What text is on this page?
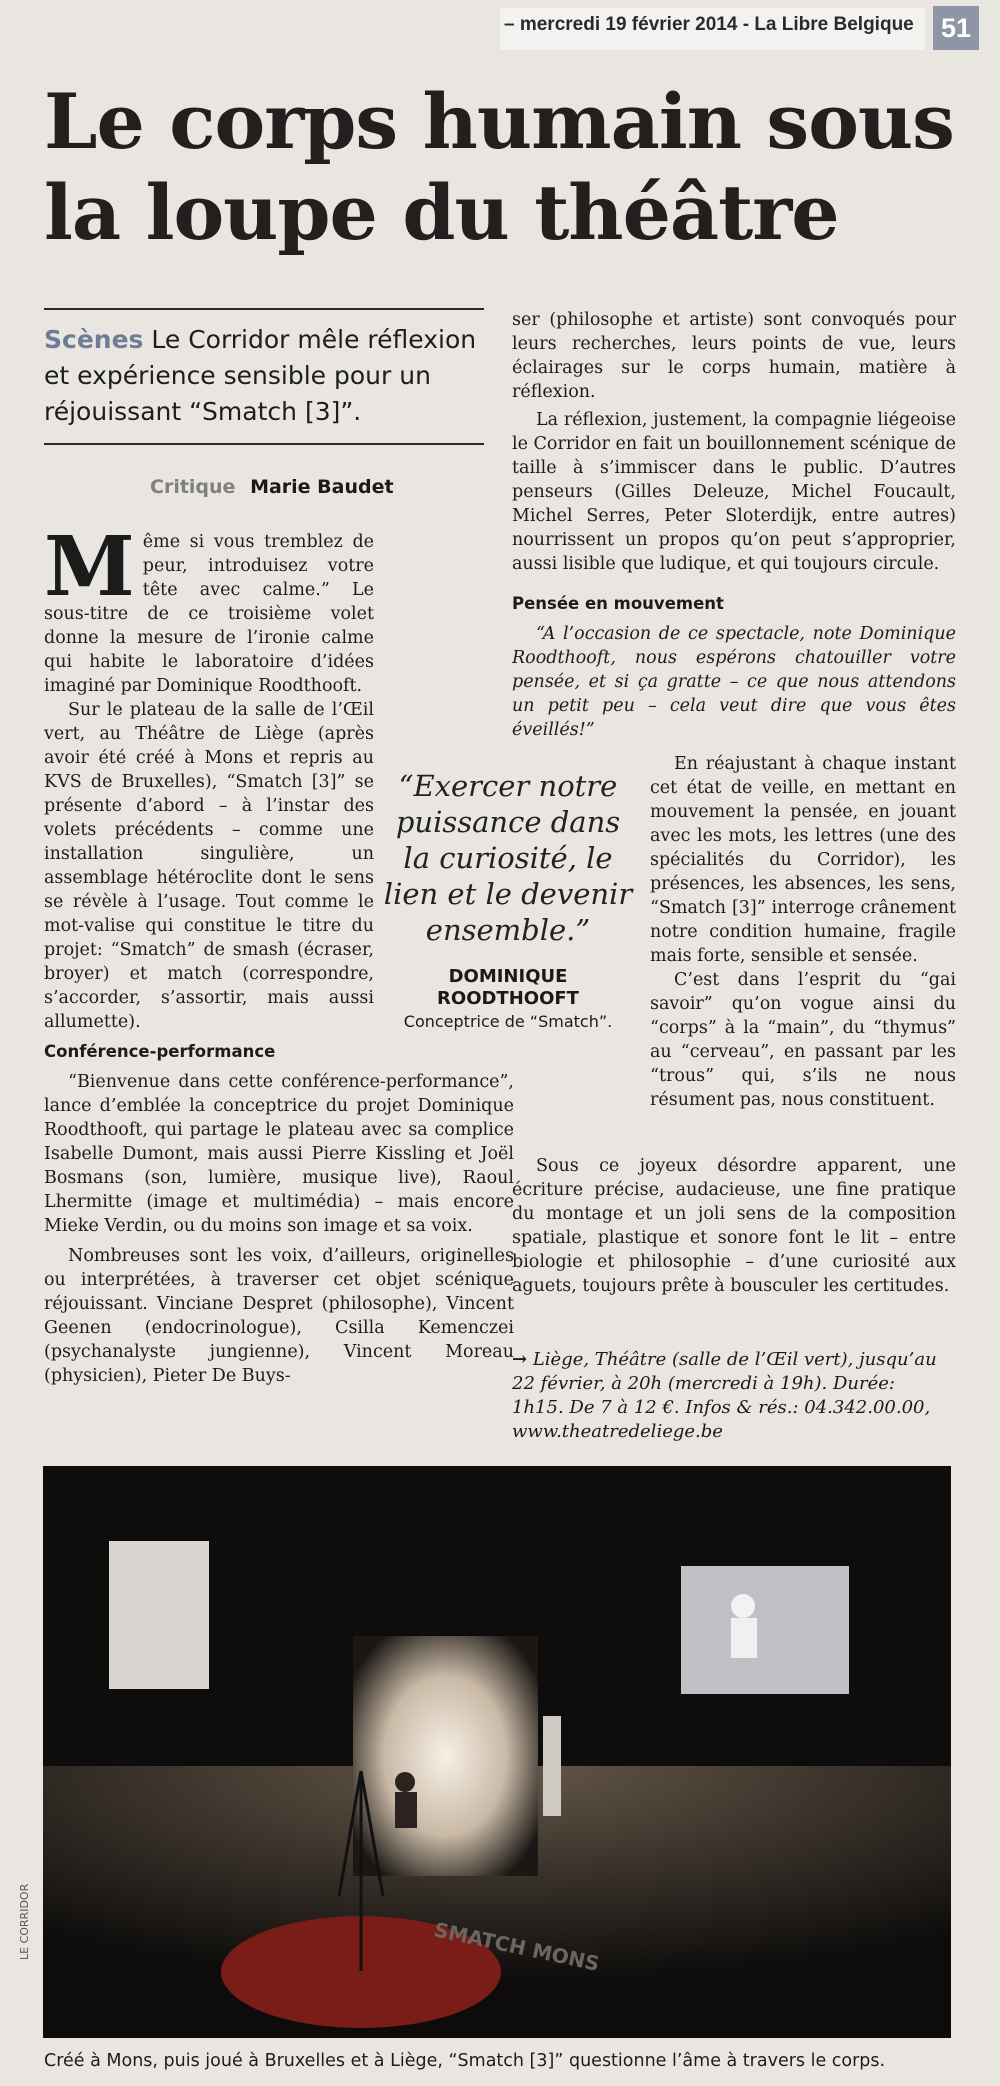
– mercredi 19 février 2014 - La Libre Belgique 51
Le corps humain sous
la loupe du théâtre
Scènes Le Corridor mêle réflexion et expérience sensible pour un réjouissant “Smatch [3]”.
Critique Marie Baudet

Même si vous tremblez de peur, introduisez votre tête avec calme.” Le sous-titre de ce troisième volet donne la mesure de l’ironie calme qui habite le laboratoire d’idées imaginé par Dominique Roodthooft.

Sur le plateau de la salle de l’Œil vert, au Théâtre de Liège (après avoir été créé à Mons et repris au KVS de Bruxelles), “Smatch [3]” se présente d’abord – à l’instar des volets précédents – comme une installation singulière, un assemblage hétéroclite dont le sens se révèle à l’usage. Tout comme le mot-valise qui constitue le titre du projet: “Smatch” de smash (écraser, broyer) et match (correspondre, s’accorder, s’assortir, mais aussi allumette).

“Exercer notre puissance dans la curiosité, le lien et le devenir ensemble.”
DOMINIQUE ROODTHOOFT
Conceptrice de “Smatch”.

Conférence-performance

“Bienvenue dans cette conférence-performance”, lance d’emblée la conceptrice du projet Dominique Roodthooft, qui partage le plateau avec sa complice Isabelle Dumont, mais aussi Pierre Kissling et Joël Bosmans (son, lumière, musique live), Raoul Lhermitte (image et multimédia) – mais encore Mieke Verdin, ou du moins son image et sa voix.

Nombreuses sont les voix, d’ailleurs, originelles ou interprétées, à traverser cet objet scénique réjouissant. Vinciane Despret (philosophe), Vincent Geenen (endocrinologue), Csilla Kemenczei (psychanalyste jungienne), Vincent Moreau (physicien), Pieter De Buys-

ser (philosophe et artiste) sont convoqués pour leurs recherches, leurs points de vue, leurs éclairages sur le corps humain, matière à réflexion.

La réflexion, justement, la compagnie liégeoise le Corridor en fait un bouillonnement scénique de taille à s’immiscer dans le public. D’autres penseurs (Gilles Deleuze, Michel Foucault, Michel Serres, Peter Sloterdijk, entre autres) nourrissent un propos qu’on peut s’approprier, aussi lisible que ludique, et qui toujours circule.

Pensée en mouvement

“A l’occasion de ce spectacle, note Dominique Roodthooft, nous espérons chatouiller votre pensée, et si ça gratte – ce que nous attendons un petit peu – cela veut dire que vous êtes éveillés!”

En réajustant à chaque instant cet état de veille, en mettant en mouvement la pensée, en jouant avec les mots, les lettres (une des spécialités du Corridor), les présences, les absences, les sens, “Smatch [3]” interroge crânement notre condition humaine, fragile mais forte, sensible et sensée.

C’est dans l’esprit du “gai savoir” qu’on vogue ainsi du “corps” à la “main”, du “thymus” au “cerveau”, en passant par les “trous” qui, s’ils ne nous résument pas, nous constituent.

Sous ce joyeux désordre apparent, une écriture précise, audacieuse, une fine pratique du montage et un joli sens de la composition spatiale, plastique et sonore font le lit – entre biologie et philosophie – d’une curiosité aux aguets, toujours prête à bousculer les certitudes.

→ Liège, Théâtre (salle de l’Œil vert), jusqu’au 22 février, à 20h (mercredi à 19h). Durée: 1h15. De 7 à 12 €. Infos & rés.: 04.342.00.00, www.theatredeliege.be
SMATCH MONS
LE CORRIDOR
Créé à Mons, puis joué à Bruxelles et à Liège, “Smatch [3]” questionne l’âme à travers le corps.
